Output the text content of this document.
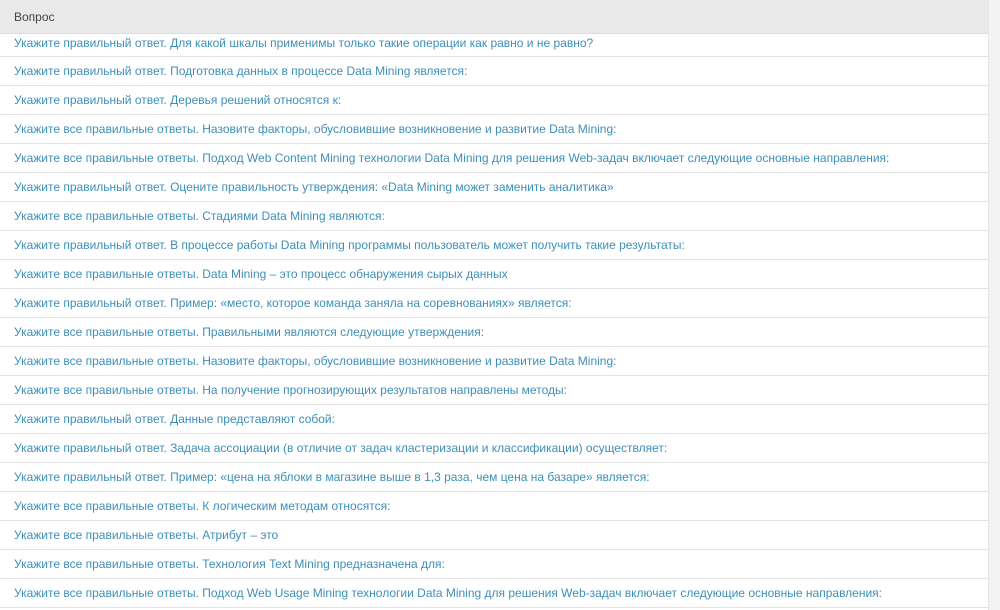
Вопрос
Укажите правильный ответ. Для какой шкалы применимы только такие операции как равно и не равно?
Укажите правильный ответ. Подготовка данных в процессе Data Mining является:
Укажите правильный ответ. Деревья решений относятся к:
Укажите все правильные ответы. Назовите факторы, обусловившие возникновение и развитие Data Mining:
Укажите все правильные ответы. Подход Web Content Mining технологии Data Mining для решения Web-задач включает следующие основные направления:
Укажите правильный ответ. Оцените правильность утверждения: «Data Mining может заменить аналитика»
Укажите все правильные ответы. Стадиями Data Mining являются:
Укажите правильный ответ. В процессе работы Data Mining программы пользователь может получить такие результаты:
Укажите все правильные ответы. Data Mining – это процесс обнаружения сырых данных
Укажите правильный ответ. Пример: «место, которое команда заняла на соревнованиях» является:
Укажите все правильные ответы. Правильными являются следующие утверждения:
Укажите все правильные ответы. Назовите факторы, обусловившие возникновение и развитие Data Mining:
Укажите все правильные ответы. На получение прогнозирующих результатов направлены методы:
Укажите правильный ответ. Данные представляют собой:
Укажите правильный ответ. Задача ассоциации (в отличие от задач кластеризации и классификации) осуществляет:
Укажите правильный ответ. Пример: «цена на яблоки в магазине выше в 1,3 раза, чем цена на базаре» является:
Укажите все правильные ответы. К логическим методам относятся:
Укажите все правильные ответы. Атрибут – это
Укажите все правильные ответы. Технология Text Mining предназначена для:
Укажите все правильные ответы. Подход Web Usage Mining технологии Data Mining для решения Web-задач включает следующие основные направления:
